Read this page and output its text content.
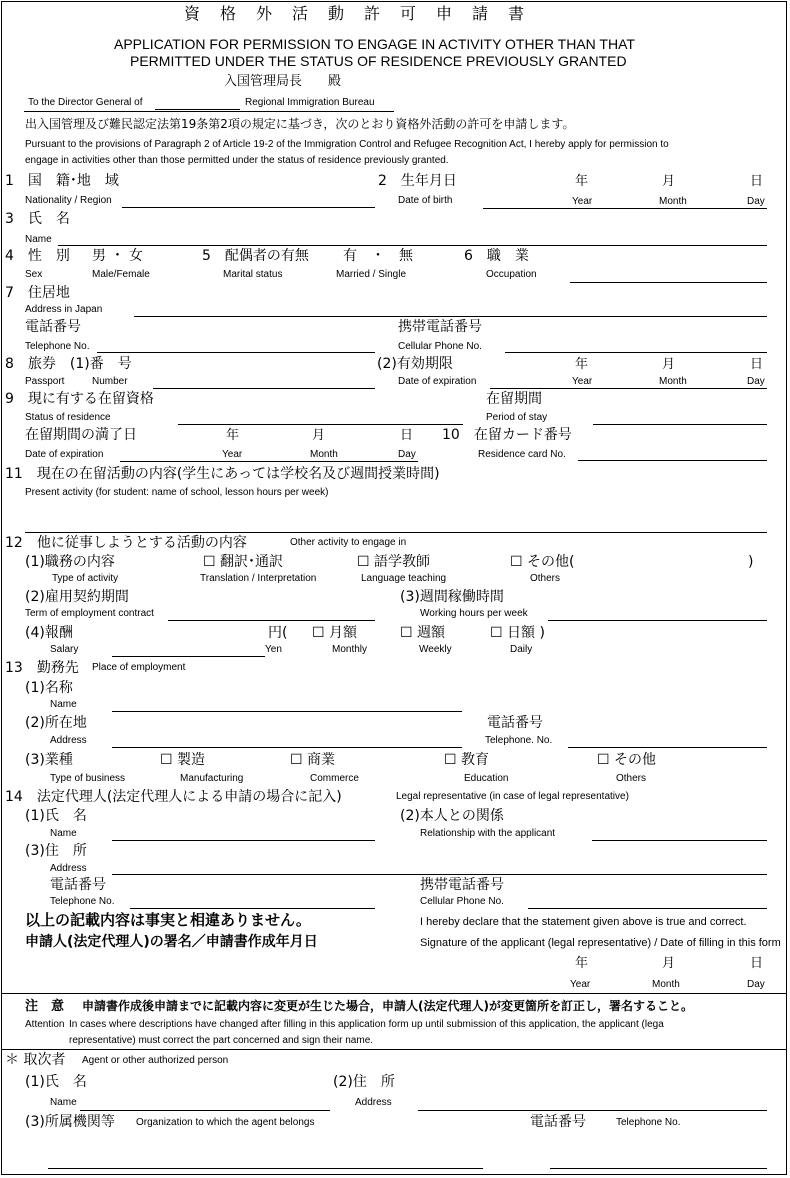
資　格　外　活　動　許　可　申　請　書
APPLICATION FOR PERMISSION TO ENGAGE IN ACTIVITY OTHER THAN THAT
PERMITTED UNDER THE STATUS OF RESIDENCE PREVIOUSLY GRANTED
入国管理局長　　殿
To the Director General of	Regional Immigration Bureau
出入国管理及び難民認定法第19条第2項の規定に基づき，次のとおり資格外活動の許可を申請します。
Pursuant to the provisions of Paragraph 2 of Article 19-2 of the Immigration Control and Refugee Recognition Act, I hereby apply for permission to
engage in activities other than those permitted under the status of residence previously granted.
1　国　籍･地　域
Nationality / Region
2　生年月日
Date of birth
年	月	日
Year	Month	Day
3　氏　名
Name
4　性　別 男 ・ 女
Sex	Male/Female
5　配偶者の有無 有　・　無
Marital status	Married / Single
6　職　業
Occupation
7　住居地
Address in Japan
電話番号
Telephone No.
携帯電話番号
Cellular Phone No.
8　旅券　(1)番　号
Passport	Number
(2)有効期限
Date of expiration
年	月	日
Year	Month	Day
9　現に有する在留資格
Status of residence
在留期間
Period of stay
在留期間の満了日
Date of expiration
年	月	日
Year	Month	Day
10　在留カード番号
Residence card No.
11　現在の在留活動の内容(学生にあっては学校名及び週間授業時間)
Present activity (for student: name of school, lesson hours per week)
12　他に従事しようとする活動の内容	Other activity to engage in
(1)職務の内容
Type of activity
☐ 翻訳･通訳
Translation / Interpretation
☐ 語学教師
Language teaching
☐ その他(	)
Others
(2)雇用契約期間
Term of employment contract
(3)週間稼働時間
Working hours per week
(4)報酬
Salary
円(
Yen
☐ 月額
Monthly
☐ 週額
Weekly
☐ 日額 )
Daily
13　勤務先 Place of employment
(1)名称
Name
(2)所在地
Address
電話番号
Telephone. No.
(3)業種
Type of business
☐ 製造
Manufacturing
☐ 商業
Commerce
☐ 教育
Education
☐ その他
Others
14　法定代理人(法定代理人による申請の場合に記入)	Legal representative (in case of legal representative)
(1)氏　名
Name
(2)本人との関係
Relationship with the applicant
(3)住　所
Address
電話番号
Telephone No.
携帯電話番号
Cellular Phone No.
以上の記載内容は事実と相違ありません。	I hereby declare that the statement given above is true and correct.
申請人(法定代理人)の署名／申請書作成年月日	Signature of the applicant (legal representative) / Date of filling in this form
年	月	日
Year	Month	Day
注　意 申請書作成後申請までに記載内容に変更が生じた場合，申請人(法定代理人)が変更箇所を訂正し，署名すること。
Attention In cases where descriptions have changed after filling in this application form up until submission of this application, the applicant (lega
representative) must correct the part concerned and sign their name.
＊ 取次者 Agent or other authorized person
(1)氏　名
Name
(2)住　所
Address
(3)所属機関等 Organization to which the agent belongs	電話番号	Telephone No.
